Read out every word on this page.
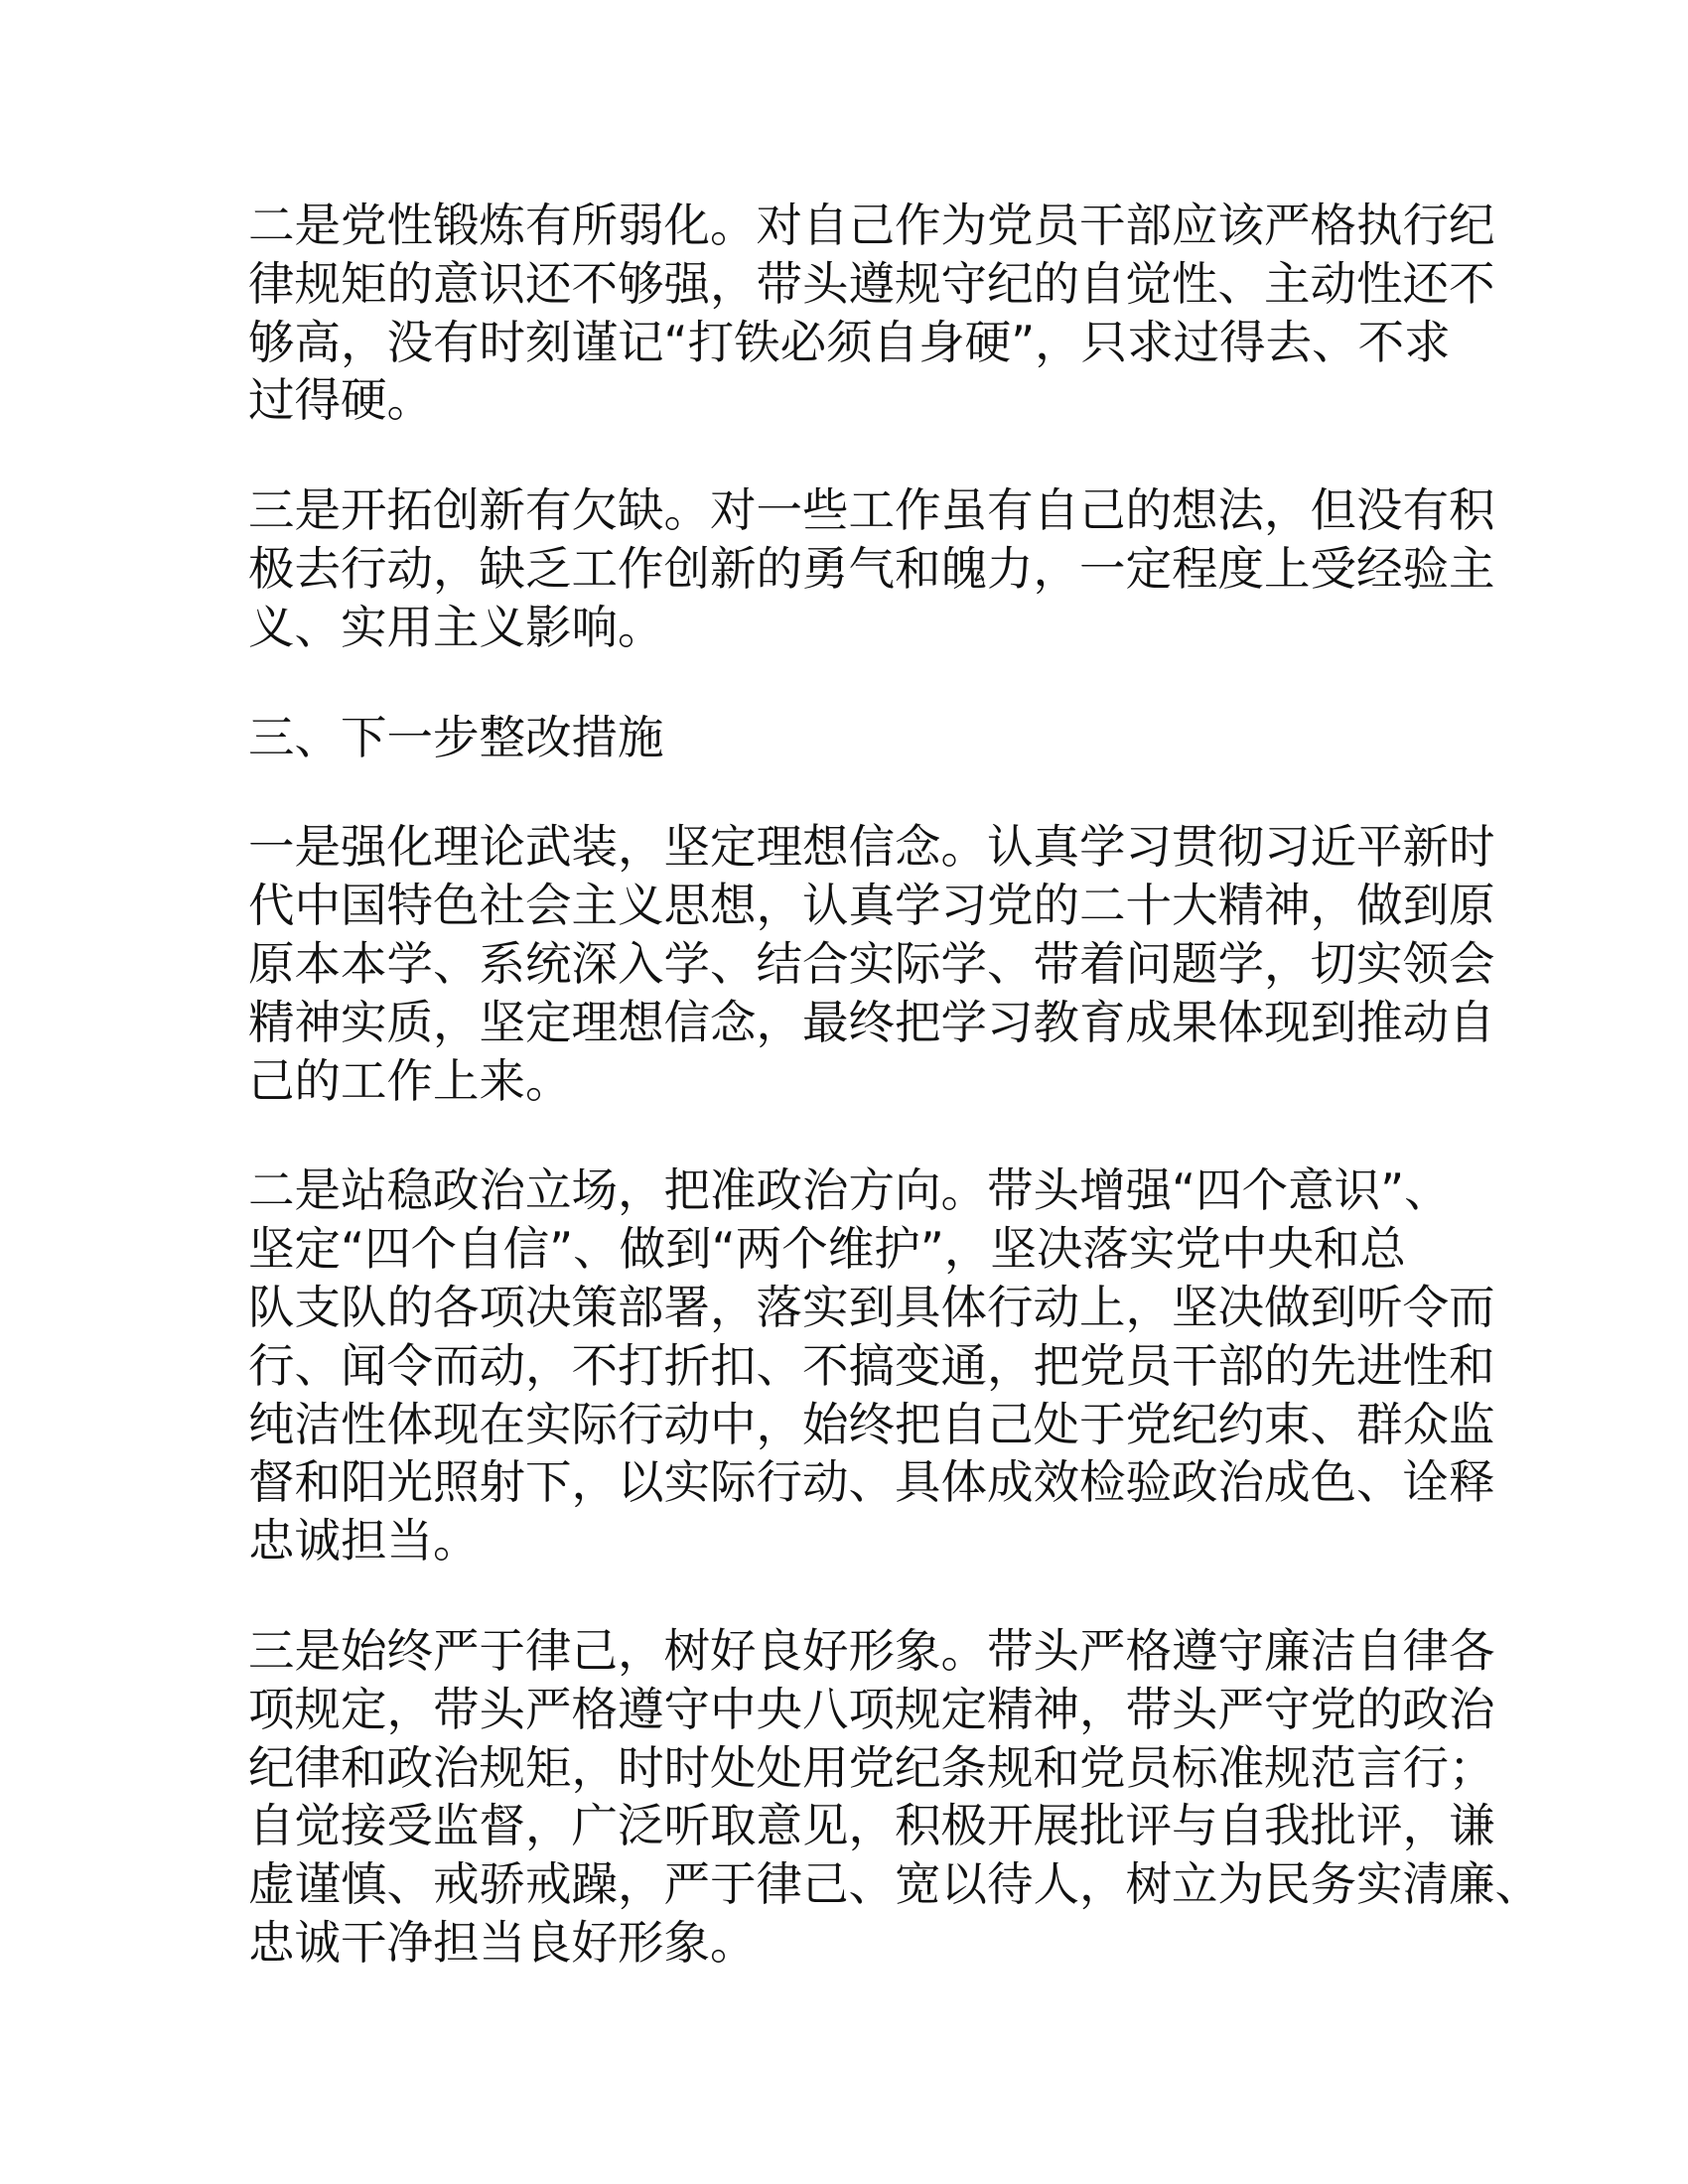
二是党性锻炼有所弱化。对自己作为党员干部应该严格执行纪
律规矩的意识还不够强，带头遵规守纪的自觉性、主动性还不
够高，没有时刻谨记“打铁必须自身硬”，只求过得去、不求
过得硬。

三是开拓创新有欠缺。对一些工作虽有自己的想法，但没有积
极去行动，缺乏工作创新的勇气和魄力，一定程度上受经验主
义、实用主义影响。

三、下一步整改措施

一是强化理论武装，坚定理想信念。认真学习贯彻习近平新时
代中国特色社会主义思想，认真学习党的二十大精神，做到原
原本本学、系统深入学、结合实际学、带着问题学，切实领会
精神实质，坚定理想信念，最终把学习教育成果体现到推动自
己的工作上来。

二是站稳政治立场，把准政治方向。带头增强“四个意识”、
坚定“四个自信”、做到“两个维护”，坚决落实党中央和总
队支队的各项决策部署，落实到具体行动上，坚决做到听令而
行、闻令而动，不打折扣、不搞变通，把党员干部的先进性和
纯洁性体现在实际行动中，始终把自己处于党纪约束、群众监
督和阳光照射下，以实际行动、具体成效检验政治成色、诠释
忠诚担当。

三是始终严于律己，树好良好形象。带头严格遵守廉洁自律各
项规定，带头严格遵守中央八项规定精神，带头严守党的政治
纪律和政治规矩，时时处处用党纪条规和党员标准规范言行；
自觉接受监督，广泛听取意见，积极开展批评与自我批评，谦
虚谨慎、戒骄戒躁，严于律己、宽以待人，树立为民务实清廉、
忠诚干净担当良好形象。
